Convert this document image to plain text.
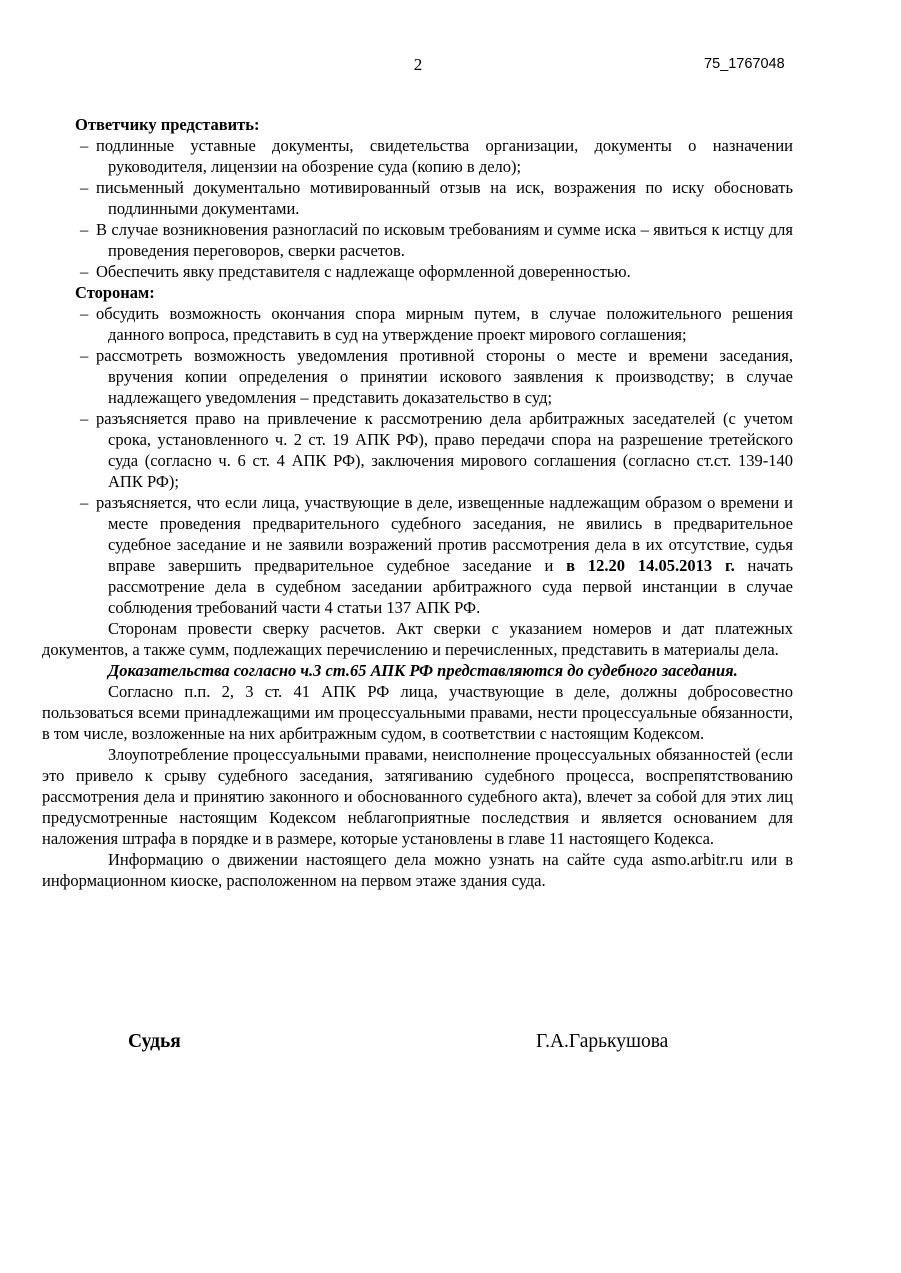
2	75_1767048

Ответчику представить:

– подлинные уставные документы, свидетельства организации, документы о назначении руководителя, лицензии на обозрение суда (копию в дело);

– письменный документально мотивированный отзыв на иск, возражения по иску обосновать подлинными документами.

– В случае возникновения разногласий по исковым требованиям и сумме иска – явиться к истцу для проведения переговоров, сверки расчетов.

– Обеспечить явку представителя с надлежаще оформленной доверенностью.

Сторонам:

– обсудить возможность окончания спора мирным путем, в случае положительного решения данного вопроса, представить в суд на утверждение проект мирового соглашения;

– рассмотреть возможность уведомления противной стороны о месте и времени заседания, вручения копии определения о принятии искового заявления к производству; в случае надлежащего уведомления – представить доказательство в суд;

– разъясняется право на привлечение к рассмотрению дела арбитражных заседателей (с учетом срока, установленного ч. 2 ст. 19 АПК РФ), право передачи спора на разрешение третейского суда (согласно ч. 6 ст. 4 АПК РФ), заключения мирового соглашения (согласно ст.ст. 139-140 АПК РФ);

– разъясняется, что если лица, участвующие в деле, извещенные надлежащим образом о времени и месте проведения предварительного судебного заседания, не явились в предварительное судебное заседание и не заявили возражений против рассмотрения дела в их отсутствие, судья вправе завершить предварительное судебное заседание и в 12.20 14.05.2013 г. начать рассмотрение дела в судебном заседании арбитражного суда первой инстанции в случае соблюдения требований части 4 статьи 137 АПК РФ.

Сторонам провести сверку расчетов. Акт сверки с указанием номеров и дат платежных документов, а также сумм, подлежащих перечислению и перечисленных, представить в материалы дела.

Доказательства согласно ч.3 ст.65 АПК РФ представляются до судебного заседания.

Согласно п.п. 2, 3 ст. 41 АПК РФ лица, участвующие в деле, должны добросовестно пользоваться всеми принадлежащими им процессуальными правами, нести процессуальные обязанности, в том числе, возложенные на них арбитражным судом, в соответствии с настоящим Кодексом.

Злоупотребление процессуальными правами, неисполнение процессуальных обязанностей (если это привело к срыву судебного заседания, затягиванию судебного процесса, воспрепятствованию рассмотрения дела и принятию законного и обоснованного судебного акта), влечет за собой для этих лиц предусмотренные настоящим Кодексом неблагоприятные последствия и является основанием для наложения штрафа в порядке и в размере, которые установлены в главе 11 настоящего Кодекса.

Информацию о движении настоящего дела можно узнать на сайте суда asmo.arbitr.ru или в информационном киоске, расположенном на первом этаже здания суда.

Судья	Г.А.Гарькушова
